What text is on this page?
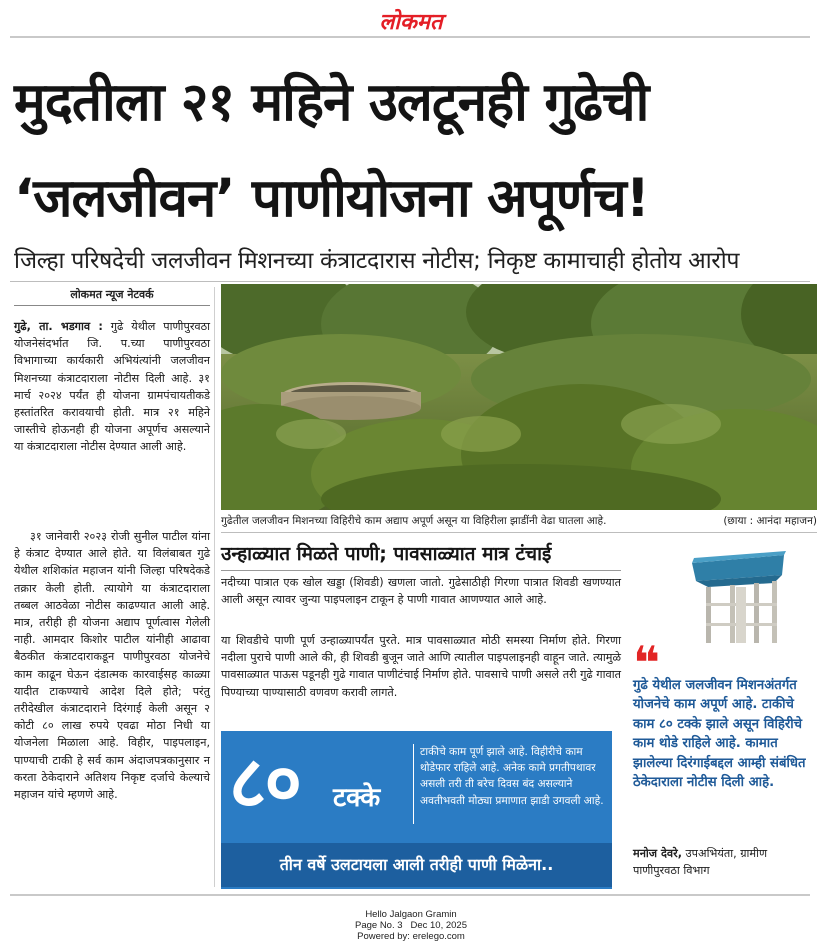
लोकमत
मुदतीला २१ महिने उलटूनही गुढेची
‘जलजीवन’ पाणीयोजना अपूर्णच!
जिल्हा परिषदेची जलजीवन मिशनच्या कंत्राटदारास नोटीस; निकृष्ट कामाचाही होतोय आरोप
लोकमत न्यूज नेटवर्क

गुढे, ता. भडगाव : गुढे येथील पाणीपुरवठा योजनेसंदर्भात जि. प.च्या पाणीपुरवठा विभागाच्या कार्यकारी अभियंत्यांनी जलजीवन मिशनच्या कंत्राटदाराला नोटीस दिली आहे. ३१ मार्च २०२४ पर्यंत ही योजना ग्रामपंचायतीकडे हस्तांतरित करावयाची होती. मात्र २१ महिने जास्तीचे होऊनही ही योजना अपूर्णच असल्याने या कंत्राटदाराला नोटीस देण्यात आली आहे.

३१ जानेवारी २०२३ रोजी सुनील पाटील यांना हे कंत्राट देण्यात आले होते. या विलंबाबत गुढे येथील शशिकांत महाजन यांनी जिल्हा परिषदेकडे तक्रार केली होती. त्यायोगे या कंत्राटदाराला तब्बल आठवेळा नोटीस काढण्यात आली आहे. मात्र, तरीही ही योजना अद्याप पूर्णत्वास गेलेली नाही. आमदार किशोर पाटील यांनीही आढावा बैठकीत कंत्राटदाराकडून पाणीपुरवठा योजनेचे काम काढून घेऊन दंडात्मक कारवाईसह काळ्या यादीत टाकण्याचे आदेश दिले होते; परंतु तरीदेखील कंत्राटदाराने दिरंगाई केली असून २ कोटी ८० लाख रुपये एवढा मोठा निधी या योजनेला मिळाला आहे. विहीर, पाइपलाइन, पाण्याची टाकी हे सर्व काम अंदाजपत्रकानुसार न करता ठेकेदाराने अतिशय निकृष्ट दर्जाचे केल्याचे महाजन यांचे म्हणणे आहे.

गुढेतील जलजीवन मिशनच्या विहिरीचे काम अद्याप अपूर्ण असून या विहिरीला झाडींनी वेढा घातला आहे.	(छाया : आनंदा महाजन)
उन्हाळ्यात मिळते पाणी; पावसाळ्यात मात्र टंचाई

नदीच्या पात्रात एक खोल खड्डा (शिवडी) खणला जातो. गुढेसाठीही गिरणा पात्रात शिवडी खणण्यात आली असून त्यावर जुन्या पाइपलाइन टाकून हे पाणी गावात आणण्यात आले आहे.

या शिवडीचे पाणी पूर्ण उन्हाळ्यापर्यंत पुरते. मात्र पावसाळ्यात मोठी समस्या निर्माण होते. गिरणा नदीला पुराचे पाणी आले की, ही शिवडी बुजून जाते आणि त्यातील पाइपलाइनही वाहून जाते. त्यामुळे पावसाळ्यात पाऊस पडूनही गुढे गावात पाणीटंचाई निर्माण होते. पावसाचे पाणी असले तरी गुढे गावात पिण्याच्या पाण्यासाठी वणवण करावी लागते.

❝

गुढे येथील जलजीवन मिशनअंतर्गत योजनेचे काम अपूर्ण आहे. टाकीचे काम ८० टक्के झाले असून विहिरीचे काम थोडे राहिले आहे. कामात झालेल्या दिरंगाईबद्दल आम्ही संबंधित ठेकेदाराला नोटीस दिली आहे.

मनोज देवरे, उपअभियंता, ग्रामीण पाणीपुरवठा विभाग

८०	टक्के

टाकीचे काम पूर्ण झाले आहे. विहीरीचे काम थोडेफार राहिले आहे. अनेक कामे प्रगतीपथावर असली तरी ती बरेच दिवस बंद असल्याने अवतीभवती मोठ्या प्रमाणात झाडी उगवली आहे.

तीन वर्षे उलटायला आली तरीही पाणी मिळेना..
Hello Jalgaon Gramin
Page No. 3 Dec 10, 2025
Powered by: erelego.com
